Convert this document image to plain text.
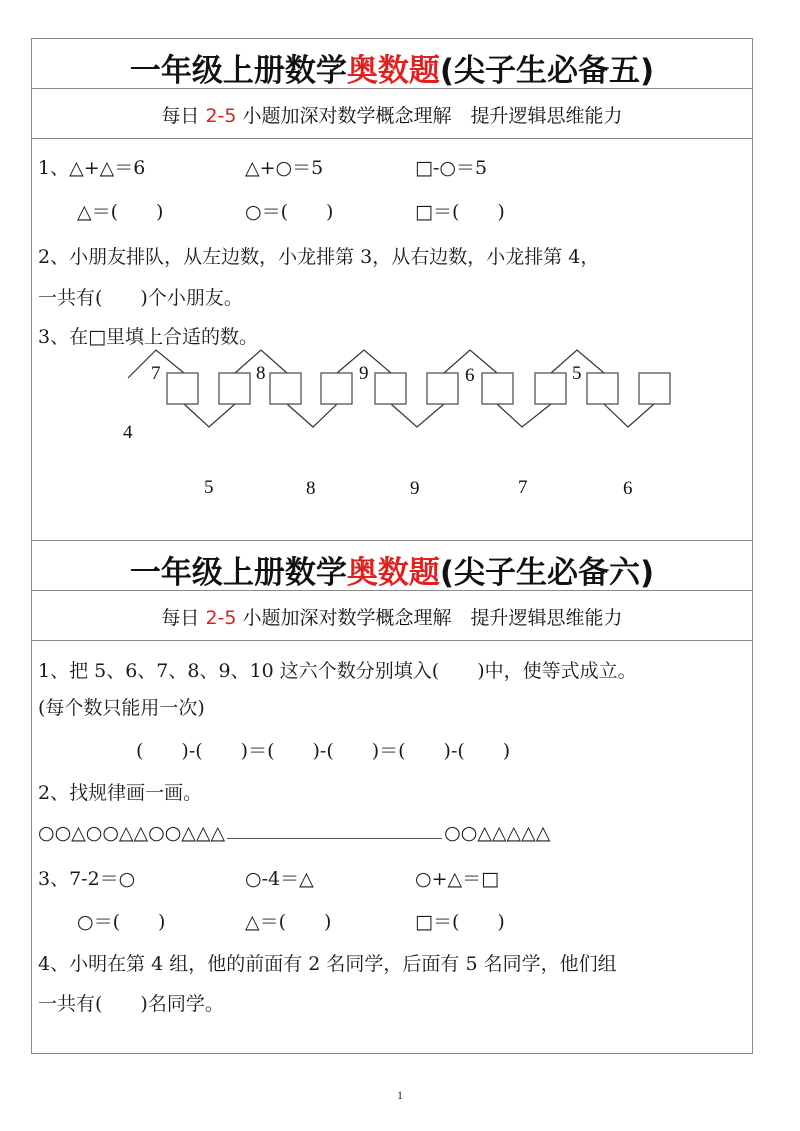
一年级上册数学奥数题(尖子生必备五)
每日 2-5 小题加深对数学概念理解　提升逻辑思维能力
1、△+△＝6	△+○＝5	□-○＝5
△＝(　　)	○＝(　　)	□＝(　　)
2、小朋友排队，从左边数，小龙排第 3，从右边数，小龙排第 4，
一共有(　　)个小朋友。
3、在□里填上合适的数。
4
7	8	9	6	5
5	8	9	7	6
一年级上册数学奥数题(尖子生必备六)
每日 2-5 小题加深对数学概念理解　提升逻辑思维能力
1、把 5、6、7、8、9、10 这六个数分别填入(　　)中，使等式成立。
(每个数只能用一次)
(　　)-(　　)＝(　　)-(　　)＝(　　)-(　　)
2、找规律画一画。
○○△○○△△○○△△△	○○△△△△△
3、7-2＝○	○-4＝△	○+△＝□
○＝(　　)	△＝(　　)	□＝(　　)
4、小明在第 4 组，他的前面有 2 名同学，后面有 5 名同学，他们组
一共有(　　)名同学。
1
